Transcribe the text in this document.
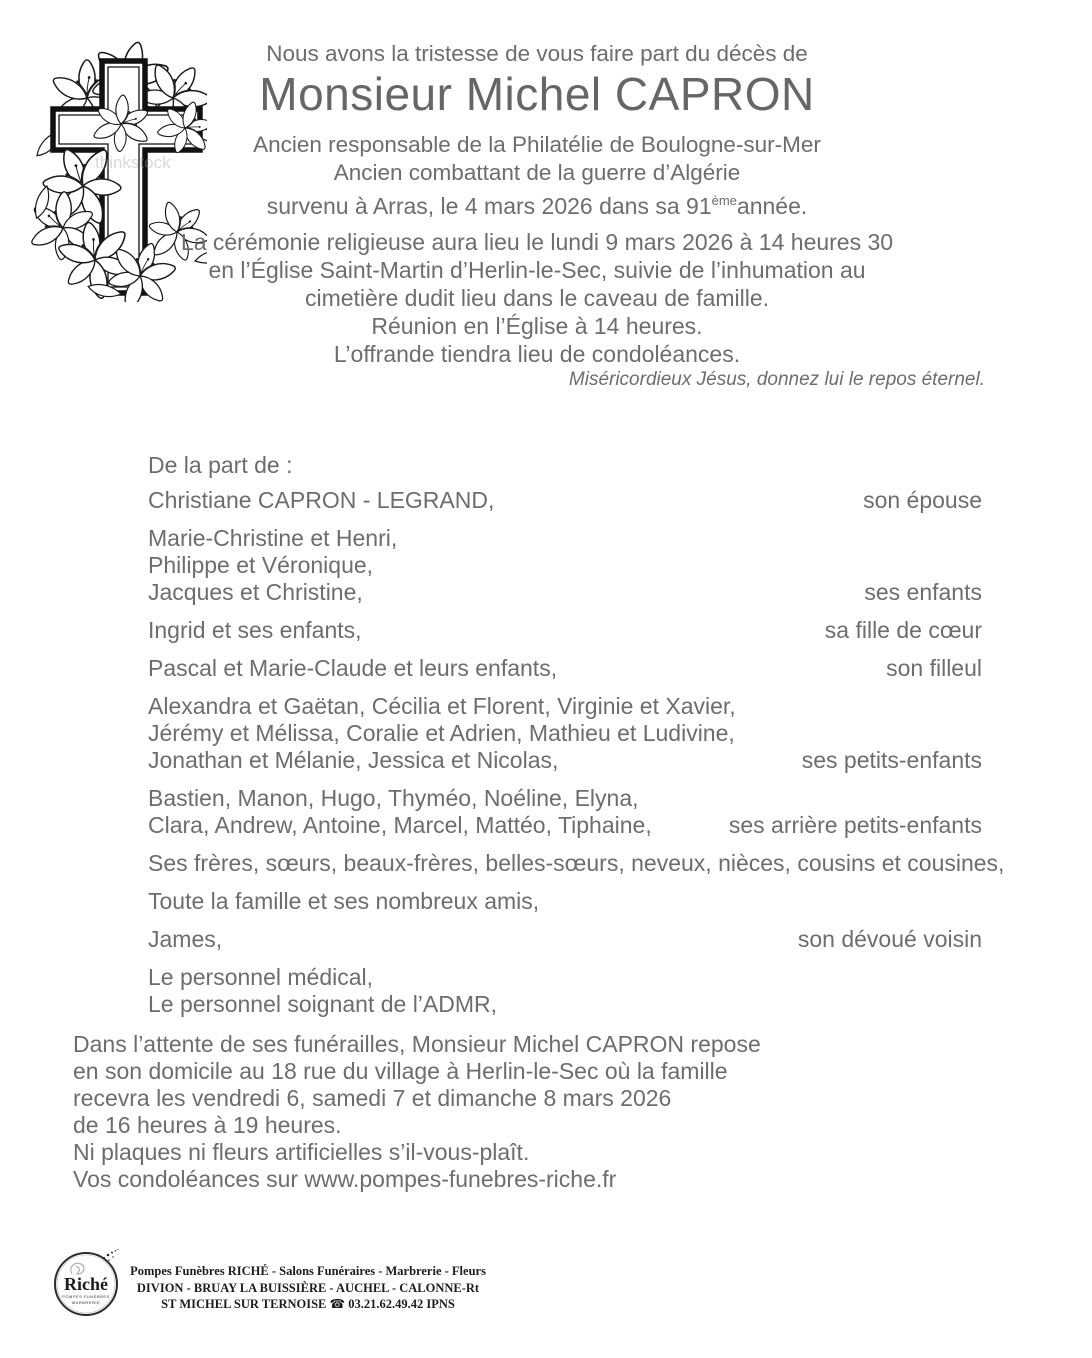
thinkstock

Nous avons la tristesse de vous faire part du décès de

Monsieur Michel CAPRON

Ancien responsable de la Philatélie de Boulogne-sur-Mer

Ancien combattant de la guerre d’Algérie

survenu à Arras, le 4 mars 2026 dans sa 91èmeannée.

La cérémonie religieuse aura lieu le lundi 9 mars 2026 à 14 heures 30

en l’Église Saint-Martin d’Herlin-le-Sec, suivie de l’inhumation au

cimetière dudit lieu dans le caveau de famille.

Réunion en l’Église à 14 heures.

L’offrande tiendra lieu de condoléances.

Miséricordieux Jésus, donnez lui le repos éternel.

De la part de :

Christiane CAPRON - LEGRAND,	son épouse

Marie-Christine et Henri,

Philippe et Véronique,

Jacques et Christine,	ses enfants

Ingrid et ses enfants,	sa fille de cœur

Pascal et Marie-Claude et leurs enfants,	son filleul

Alexandra et Gaëtan, Cécilia et Florent, Virginie et Xavier,

Jérémy et Mélissa, Coralie et Adrien, Mathieu et Ludivine,

Jonathan et Mélanie, Jessica et Nicolas,	ses petits-enfants

Bastien, Manon, Hugo, Thyméo, Noéline, Elyna,

Clara, Andrew, Antoine, Marcel, Mattéo, Tiphaine,	ses arrière petits-enfants

Ses frères, sœurs, beaux-frères, belles-sœurs, neveux, nièces, cousins et cousines,

Toute la famille et ses nombreux amis,

James,	son dévoué voisin

Le personnel médical,

Le personnel soignant de l’ADMR,

Dans l’attente de ses funérailles, Monsieur Michel CAPRON repose

en son domicile au 18 rue du village à Herlin-le-Sec où la famille

recevra les vendredi 6, samedi 7 et dimanche 8 mars 2026

de 16 heures à 19 heures.

Ni plaques ni fleurs artificielles s’il-vous-plaît.

Vos condoléances sur www.pompes-funebres-riche.fr

Riché
POMPES FUNÈBRES
MARBRERIE

Pompes Funèbres RICHÉ - Salons Funéraires - Marbrerie - Fleurs

DIVION - BRUAY LA BUISSIÈRE - AUCHEL - CALONNE-Rt

ST MICHEL SUR TERNOISE ☎ 03.21.62.49.42 IPNS
